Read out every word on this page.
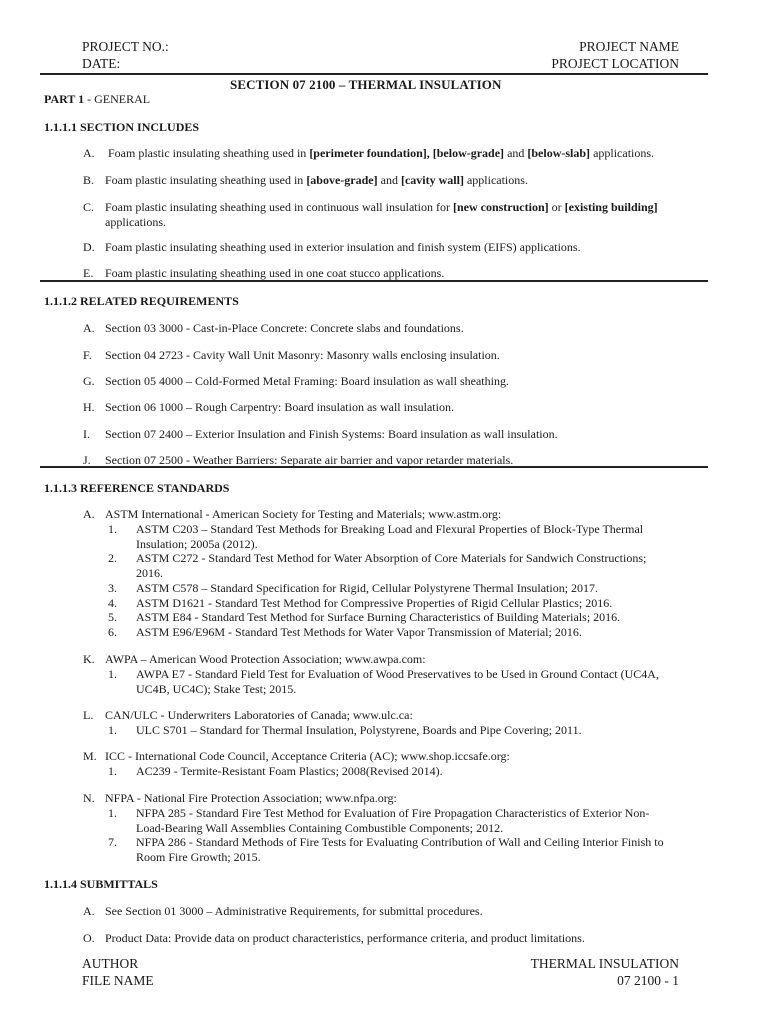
PROJECT NO.:
DATE:
PROJECT NAME
PROJECT LOCATION
SECTION 07 2100 – THERMAL INSULATION
PART 1 - GENERAL
1.1.1.1 SECTION INCLUDES
A. Foam plastic insulating sheathing used in [perimeter foundation], [below-grade] and [below-slab] applications.
B. Foam plastic insulating sheathing used in [above-grade] and [cavity wall] applications.
C. Foam plastic insulating sheathing used in continuous wall insulation for [new construction] or [existing building]
applications.
D. Foam plastic insulating sheathing used in exterior insulation and finish system (EIFS) applications.
E. Foam plastic insulating sheathing used in one coat stucco applications.
1.1.1.2 RELATED REQUIREMENTS
A. Section 03 3000 - Cast-in-Place Concrete: Concrete slabs and foundations.
F. Section 04 2723 - Cavity Wall Unit Masonry: Masonry walls enclosing insulation.
G. Section 05 4000 – Cold-Formed Metal Framing: Board insulation as wall sheathing.
H. Section 06 1000 – Rough Carpentry: Board insulation as wall insulation.
I. Section 07 2400 – Exterior Insulation and Finish Systems: Board insulation as wall insulation.
J. Section 07 2500 - Weather Barriers: Separate air barrier and vapor retarder materials.
1.1.1.3 REFERENCE STANDARDS
A. ASTM International - American Society for Testing and Materials; www.astm.org:
1. ASTM C203 – Standard Test Methods for Breaking Load and Flexural Properties of Block-Type Thermal
Insulation; 2005a (2012).
2. ASTM C272 - Standard Test Method for Water Absorption of Core Materials for Sandwich Constructions;
2016.
3. ASTM C578 – Standard Specification for Rigid, Cellular Polystyrene Thermal Insulation; 2017.
4. ASTM D1621 - Standard Test Method for Compressive Properties of Rigid Cellular Plastics; 2016.
5. ASTM E84 - Standard Test Method for Surface Burning Characteristics of Building Materials; 2016.
6. ASTM E96/E96M - Standard Test Methods for Water Vapor Transmission of Material; 2016.
K. AWPA – American Wood Protection Association; www.awpa.com:
1. AWPA E7 - Standard Field Test for Evaluation of Wood Preservatives to be Used in Ground Contact (UC4A,
UC4B, UC4C); Stake Test; 2015.
L. CAN/ULC - Underwriters Laboratories of Canada; www.ulc.ca:
1. ULC S701 – Standard for Thermal Insulation, Polystyrene, Boards and Pipe Covering; 2011.
M. ICC - International Code Council, Acceptance Criteria (AC); www.shop.iccsafe.org:
1. AC239 - Termite-Resistant Foam Plastics; 2008(Revised 2014).
N. NFPA - National Fire Protection Association; www.nfpa.org:
1. NFPA 285 - Standard Fire Test Method for Evaluation of Fire Propagation Characteristics of Exterior Non-
Load-Bearing Wall Assemblies Containing Combustible Components; 2012.
7. NFPA 286 - Standard Methods of Fire Tests for Evaluating Contribution of Wall and Ceiling Interior Finish to
Room Fire Growth; 2015.
1.1.1.4 SUBMITTALS
A. See Section 01 3000 – Administrative Requirements, for submittal procedures.
O. Product Data: Provide data on product characteristics, performance criteria, and product limitations.
AUTHOR
FILE NAME
THERMAL INSULATION
07 2100 - 1
